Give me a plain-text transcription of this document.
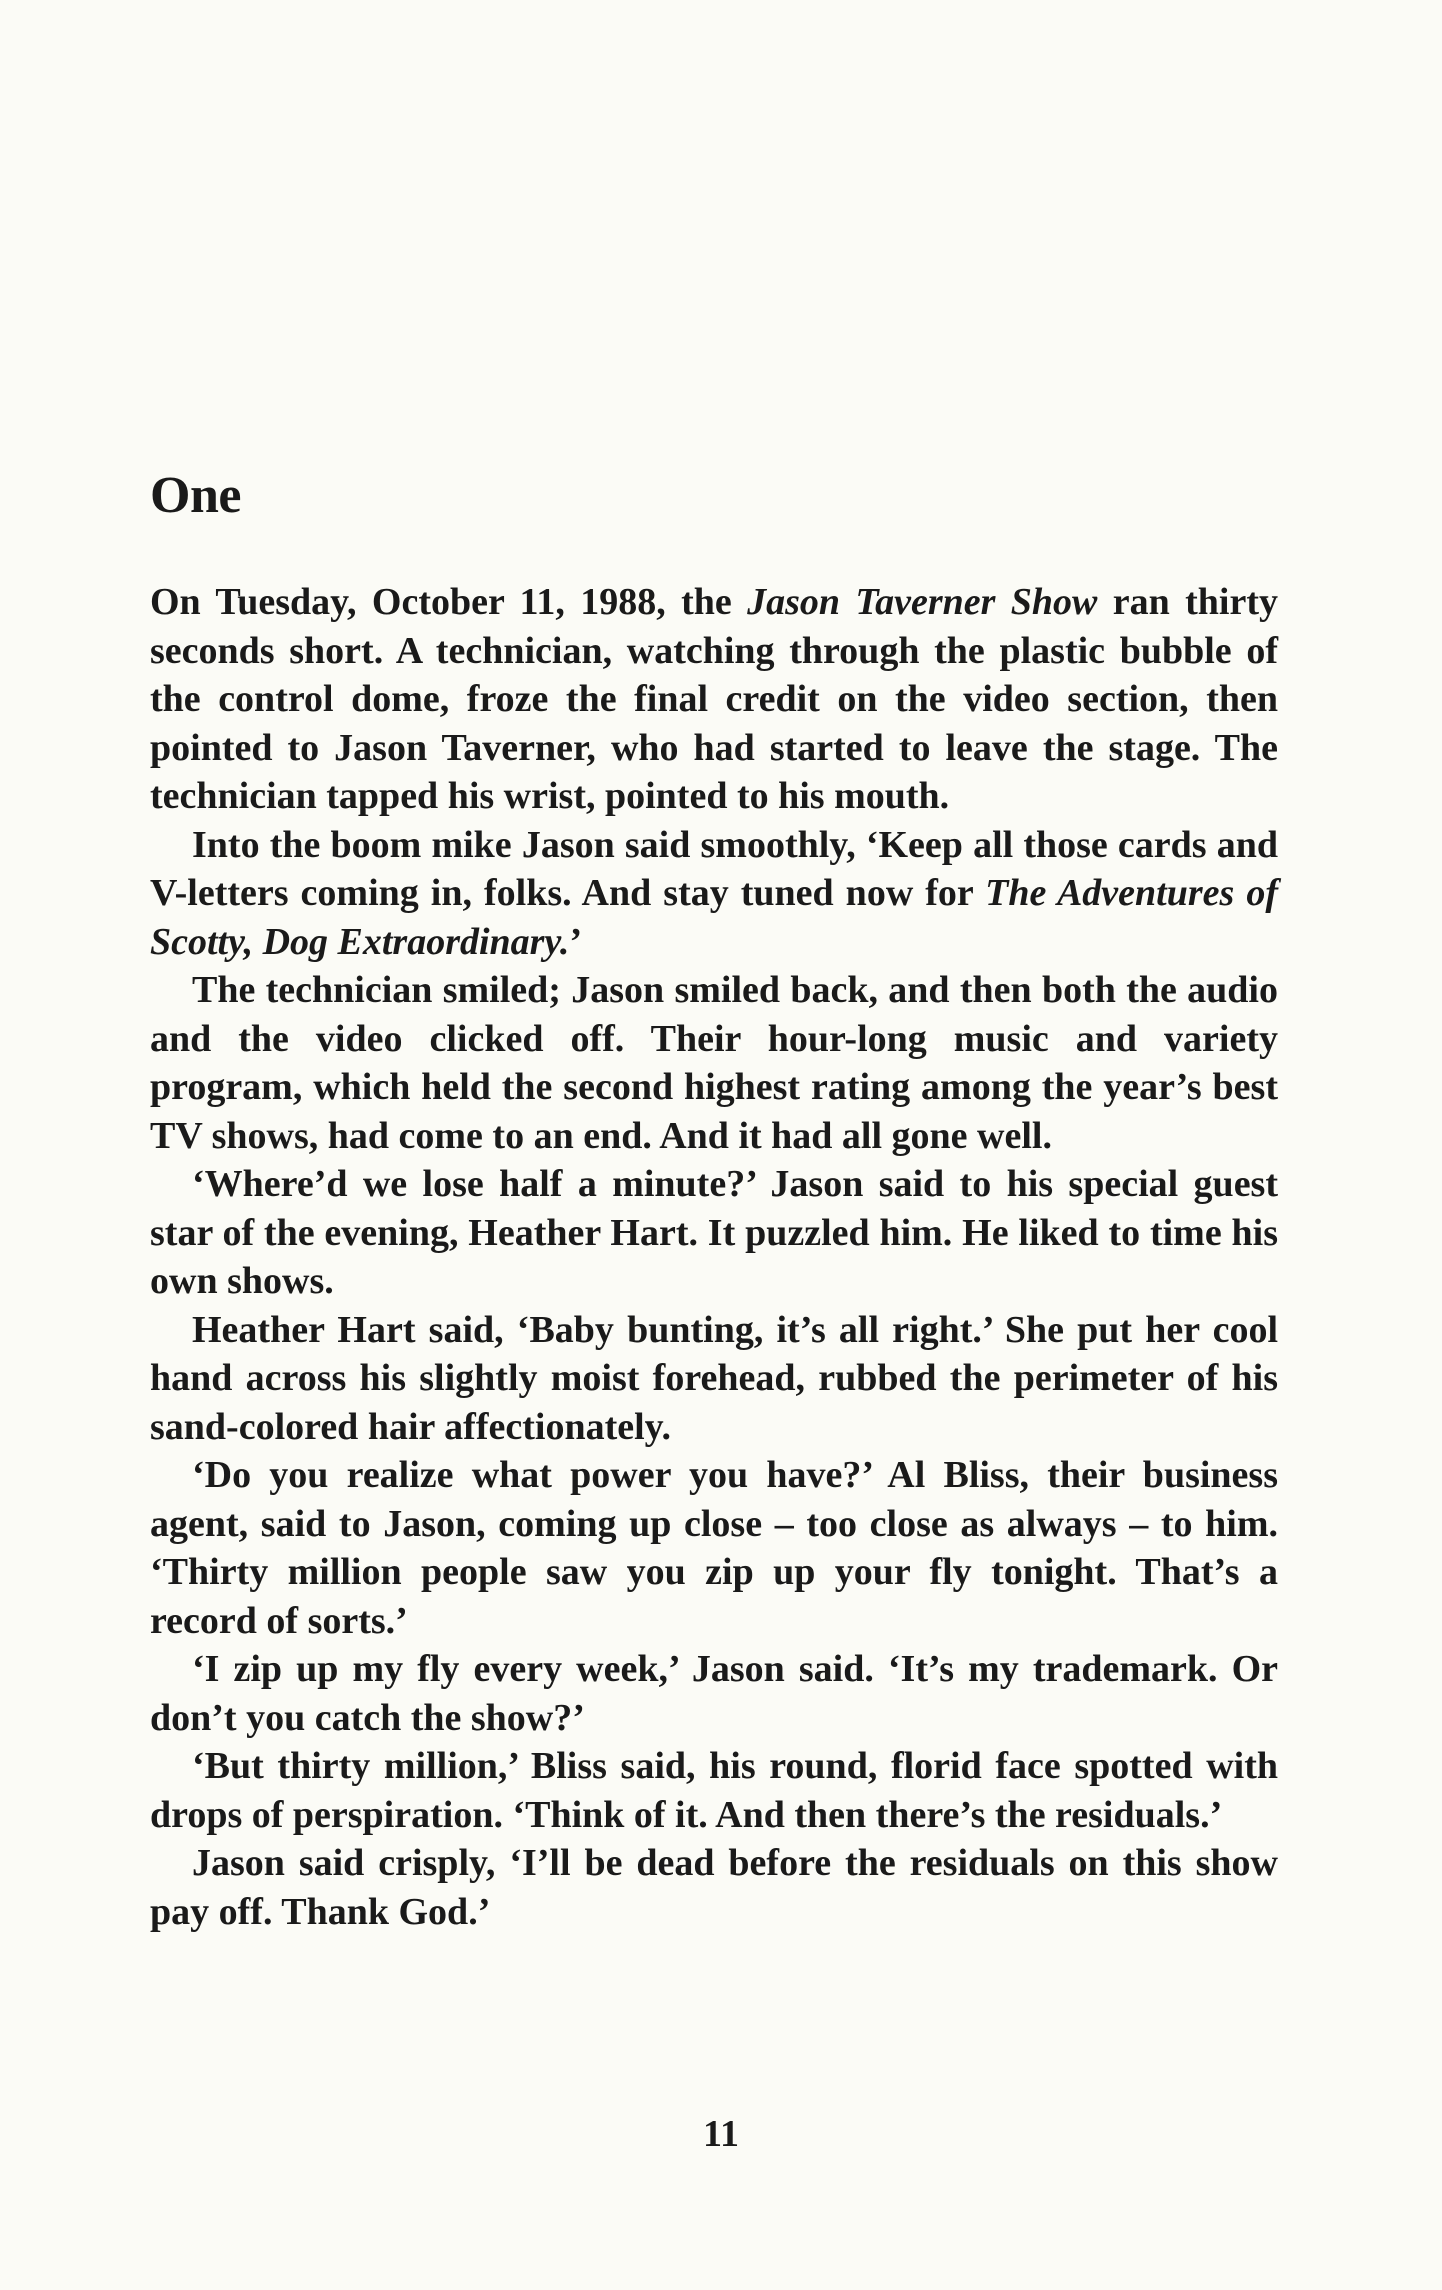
One

On Tuesday, October 11, 1988, the Jason Taverner Show ran thirty seconds short. A technician, watching through the plastic bubble of the control dome, froze the final credit on the video section, then pointed to Jason Taverner, who had started to leave the stage. The technician tapped his wrist, pointed to his mouth.

Into the boom mike Jason said smoothly, ‘Keep all those cards and V-letters coming in, folks. And stay tuned now for The Adventures of Scotty, Dog Extraordinary.’

The technician smiled; Jason smiled back, and then both the audio and the video clicked off. Their hour-long music and variety program, which held the second highest rating among the year’s best TV shows, had come to an end. And it had all gone well.

‘Where’d we lose half a minute?’ Jason said to his special guest star of the evening, Heather Hart. It puzzled him. He liked to time his own shows.

Heather Hart said, ‘Baby bunting, it’s all right.’ She put her cool hand across his slightly moist forehead, rubbed the perimeter of his sand-colored hair affectionately.

‘Do you realize what power you have?’ Al Bliss, their business agent, said to Jason, coming up close – too close as always – to him. ‘Thirty million people saw you zip up your fly tonight. That’s a record of sorts.’

‘I zip up my fly every week,’ Jason said. ‘It’s my trademark. Or don’t you catch the show?’

‘But thirty million,’ Bliss said, his round, florid face spotted with drops of perspiration. ‘Think of it. And then there’s the residuals.’

Jason said crisply, ‘I’ll be dead before the residuals on this show pay off. Thank God.’

11
